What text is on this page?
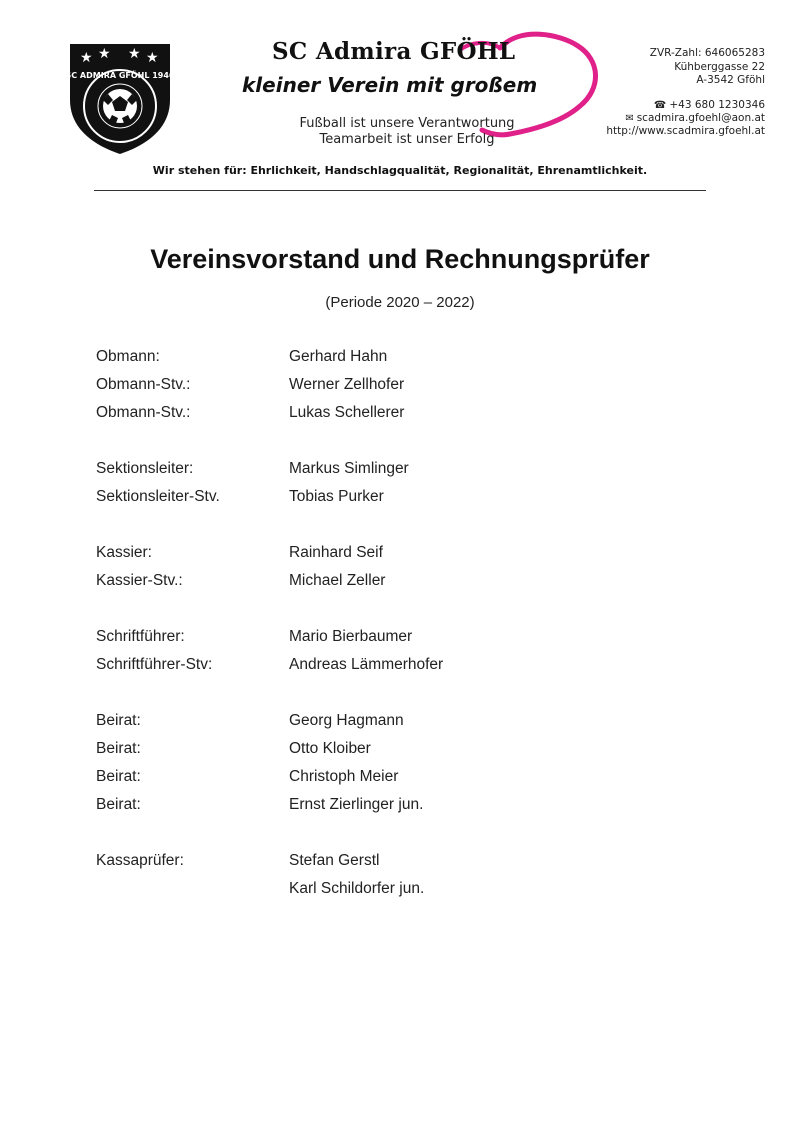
★ ★ ★ ★
SC ADMIRA GFÖHL 1946
SC Admira GFÖHL
kleiner Verein mit großem
Fußball ist unsere Verantwortung
Teamarbeit ist unser Erfolg
ZVR-Zahl: 646065283
Kühberggasse 22
A-3542 Gföhl
☎ +43 680 1230346
✉ scadmira.gfoehl@aon.at
http://www.scadmira.gfoehl.at
Wir stehen für: Ehrlichkeit, Handschlagqualität, Regionalität, Ehrenamtlichkeit.
Vereinsvorstand und Rechnungsprüfer
(Periode 2020 – 2022)
Obmann:	Gerhard Hahn
Obmann-Stv.:	Werner Zellhofer
Obmann-Stv.:	Lukas Schellerer
Sektionsleiter:	Markus Simlinger
Sektionsleiter-Stv.	Tobias Purker
Kassier:	Rainhard Seif
Kassier-Stv.:	Michael Zeller
Schriftführer:	Mario Bierbaumer
Schriftführer-Stv:	Andreas Lämmerhofer
Beirat:	Georg Hagmann
Beirat:	Otto Kloiber
Beirat:	Christoph Meier
Beirat:	Ernst Zierlinger jun.
Kassaprüfer:	Stefan Gerstl
Karl Schildorfer jun.
